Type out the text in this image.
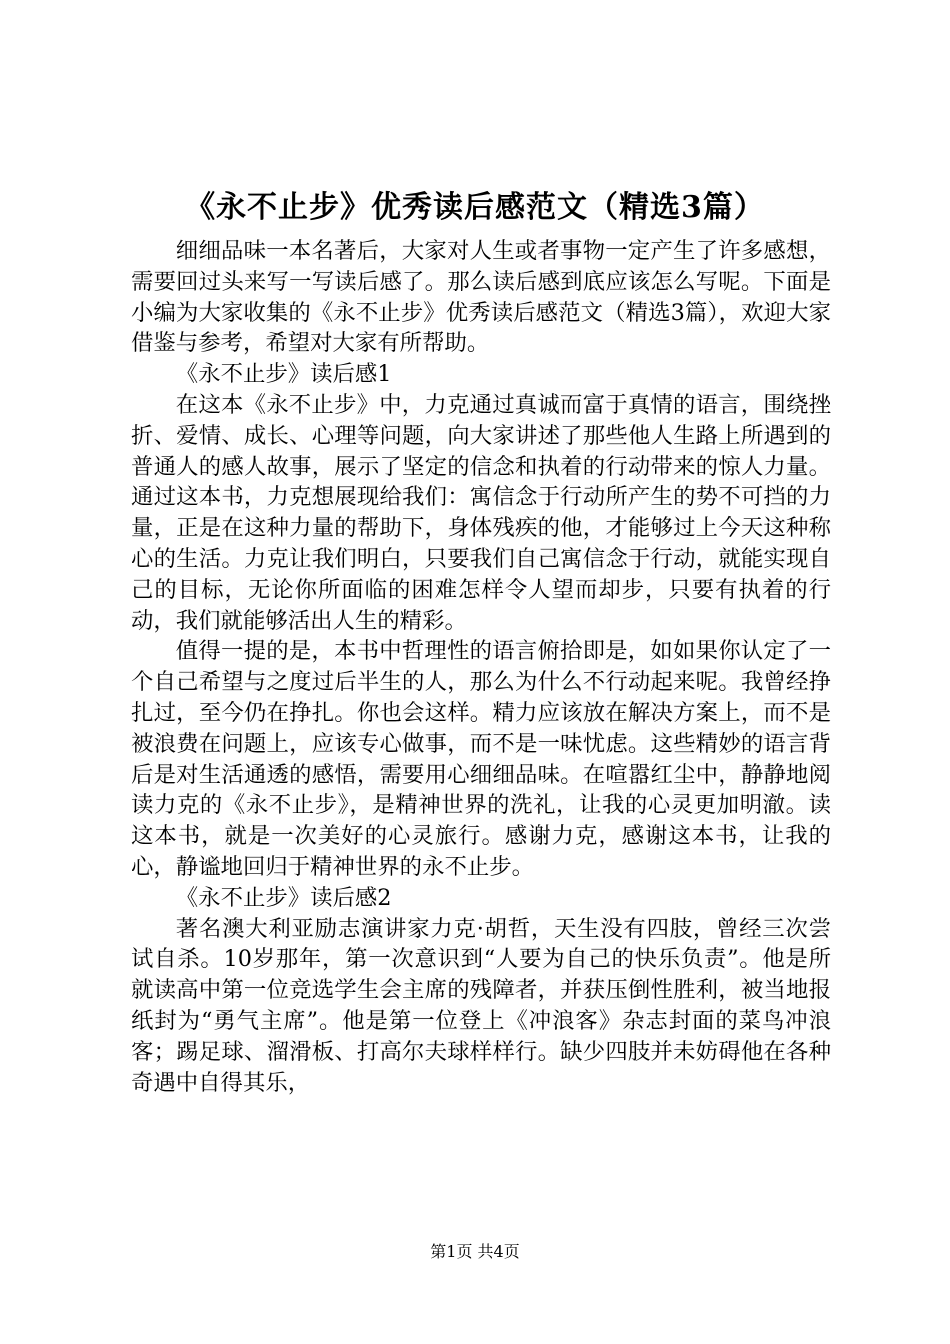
《永不止步》优秀读后感范文（精选3篇）

细细品味一本名著后，大家对人生或者事物一定产生了许多感想，需要回过头来写一写读后感了。那么读后感到底应该怎么写呢。下面是小编为大家收集的《永不止步》优秀读后感范文（精选3篇），欢迎大家借鉴与参考，希望对大家有所帮助。

《永不止步》读后感1

在这本《永不止步》中，力克通过真诚而富于真情的语言，围绕挫折、爱情、成长、心理等问题，向大家讲述了那些他人生路上所遇到的普通人的感人故事，展示了坚定的信念和执着的行动带来的惊人力量。通过这本书，力克想展现给我们：寓信念于行动所产生的势不可挡的力量，正是在这种力量的帮助下，身体残疾的他，才能够过上今天这种称心的生活。力克让我们明白，只要我们自己寓信念于行动，就能实现自己的目标，无论你所面临的困难怎样令人望而却步，只要有执着的行动，我们就能够活出人生的精彩。

值得一提的是，本书中哲理性的语言俯拾即是，如如果你认定了一个自己希望与之度过后半生的人，那么为什么不行动起来呢。我曾经挣扎过，至今仍在挣扎。你也会这样。精力应该放在解决方案上，而不是被浪费在问题上，应该专心做事，而不是一味忧虑。这些精妙的语言背后是对生活通透的感悟，需要用心细细品味。在喧嚣红尘中，静静地阅读力克的《永不止步》，是精神世界的洗礼，让我的心灵更加明澈。读这本书，就是一次美好的心灵旅行。感谢力克，感谢这本书，让我的心，静谧地回归于精神世界的永不止步。

《永不止步》读后感2

著名澳大利亚励志演讲家力克·胡哲，天生没有四肢，曾经三次尝试自杀。10岁那年，第一次意识到“人要为自己的快乐负责”。他是所就读高中第一位竞选学生会主席的残障者，并获压倒性胜利，被当地报纸封为“勇气主席”。他是第一位登上《冲浪客》杂志封面的菜鸟冲浪客；踢足球、溜滑板、打高尔夫球样样行。缺少四肢并未妨碍他在各种奇遇中自得其乐，

第1页 共4页
